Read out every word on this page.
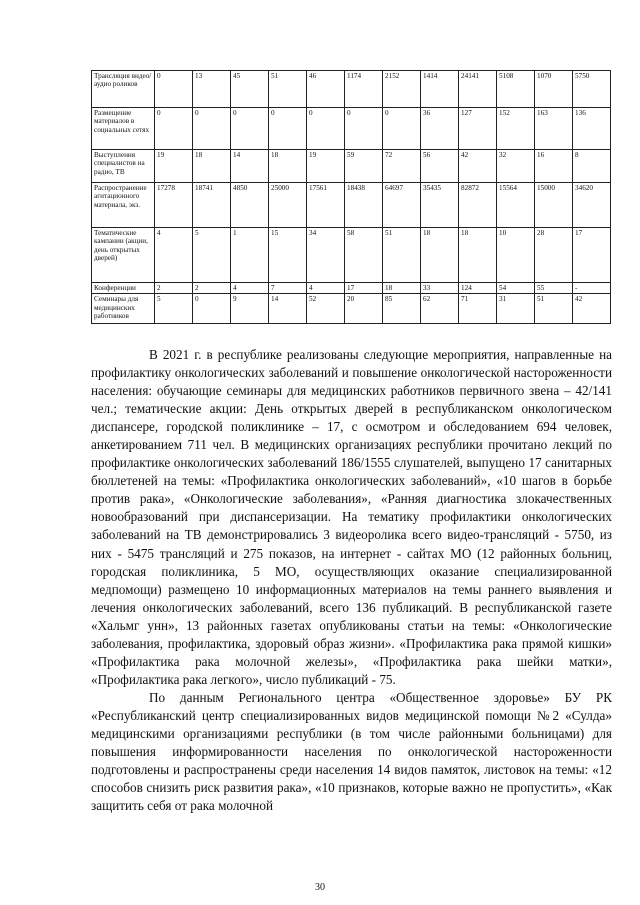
Трансляция видео/аудио роликов	0	13	45	51	46	1174	2152	1414	24141	5108	1070	5750
Размещение материалов в социальных сетях	0	0	0	0	0	0	0	36	127	152	163	136
Выступления специалистов на радио, ТВ	19	18	14	18	19	59	72	56	42	32	16	8
Распространение агитационного материала, экз.	17278	18741	4850	25000	17561	18438	64697	35435	82872	15564	15000	34620
Тематические кампании (акции, день открытых дверей)	4	5	1	15	34	58	51	18	18	10	28	17
Конференции	2	2	4	7	4	17	18	33	124	54	55	-
Семинары для медицинских работников	5	0	9	14	52	20	85	62	71	31	51	42

В 2021 г. в республике реализованы следующие мероприятия, направленные на профилактику онкологических заболеваний и повышение онкологической настороженности населения: обучающие семинары для медицинских работников первичного звена – 42/141 чел.; тематические акции: День открытых дверей в республиканском онкологическом диспансере, городской поликлинике – 17, с осмотром и обследованием 694 человек, анкетированием 711 чел. В медицинских организациях республики прочитано лекций по профилактике онкологических заболеваний 186/1555 слушателей, выпущено 17 санитарных бюллетеней на темы: «Профилактика онкологических заболеваний», «10 шагов в борьбе против рака», «Онкологические заболевания», «Ранняя диагностика злокачественных новообразований при диспансеризации. На тематику профилактики онкологических заболеваний на ТВ демонстрировались 3 видеоролика всего видео-трансляций - 5750, из них - 5475 трансляций и 275 показов, на интернет - сайтах МО (12 районных больниц, городская поликлиника, 5 МО, осуществляющих оказание специализированной медпомощи) размещено 10 информационных материалов на темы раннего выявления и лечения онкологических заболеваний, всего 136 публикаций. В республиканской газете «Хальмг унн», 13 районных газетах опубликованы статьи на темы: «Онкологические заболевания, профилактика, здоровый образ жизни». «Профилактика рака прямой кишки» «Профилактика рака молочной железы», «Профилактика рака шейки матки», «Профилактика рака легкого», число публикаций - 75.

По данным Регионального центра «Общественное здоровье» БУ РК «Республиканский центр специализированных видов медицинской помощи №2 «Сулда» медицинскими организациями республики (в том числе районными больницами) для повышения информированности населения по онкологической настороженности подготовлены и распространены среди населения 14 видов памяток, листовок на темы: «12 способов снизить риск развития рака», «10 признаков, которые важно не пропустить», «Как защитить себя от рака молочной

30
